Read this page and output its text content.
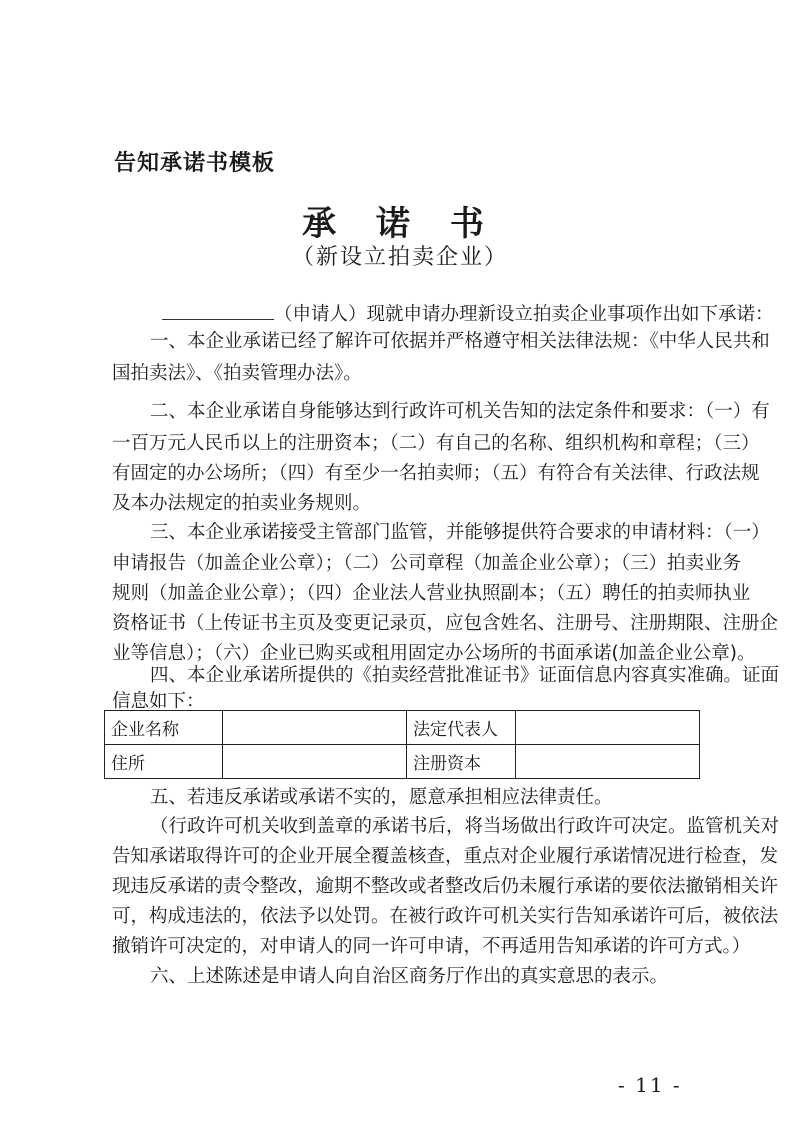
告知承诺书模板
承 诺 书
（新设立拍卖企业）
（申请人）现就申请办理新设立拍卖企业事项作出如下承诺：
一、本企业承诺已经了解许可依据并严格遵守相关法律法规：《中华人民共和
国拍卖法》、《拍卖管理办法》。
二、本企业承诺自身能够达到行政许可机关告知的法定条件和要求：（一）有
一百万元人民币以上的注册资本；（二）有自己的名称、组织机构和章程；（三）
有固定的办公场所；（四）有至少一名拍卖师；（五）有符合有关法律、行政法规
及本办法规定的拍卖业务规则。
三、本企业承诺接受主管部门监管，并能够提供符合要求的申请材料：（一）
申请报告（加盖企业公章）；（二）公司章程（加盖企业公章）；（三）拍卖业务
规则（加盖企业公章）；（四）企业法人营业执照副本；（五）聘任的拍卖师执业
资格证书（上传证书主页及变更记录页，应包含姓名、注册号、注册期限、注册企
业等信息）；（六）企业已购买或租用固定办公场所的书面承诺(加盖企业公章)。
四、本企业承诺所提供的《拍卖经营批准证书》证面信息内容真实准确。证面
信息如下：
企业名称		法定代表人	
住所		注册资本	
五、若违反承诺或承诺不实的，愿意承担相应法律责任。
（行政许可机关收到盖章的承诺书后，将当场做出行政许可决定。监管机关对
告知承诺取得许可的企业开展全覆盖核查，重点对企业履行承诺情况进行检查，发
现违反承诺的责令整改，逾期不整改或者整改后仍未履行承诺的要依法撤销相关许
可，构成违法的，依法予以处罚。在被行政许可机关实行告知承诺许可后，被依法
撤销许可决定的，对申请人的同一许可申请，不再适用告知承诺的许可方式。）
六、上述陈述是申请人向自治区商务厅作出的真实意思的表示。
- 11 -
